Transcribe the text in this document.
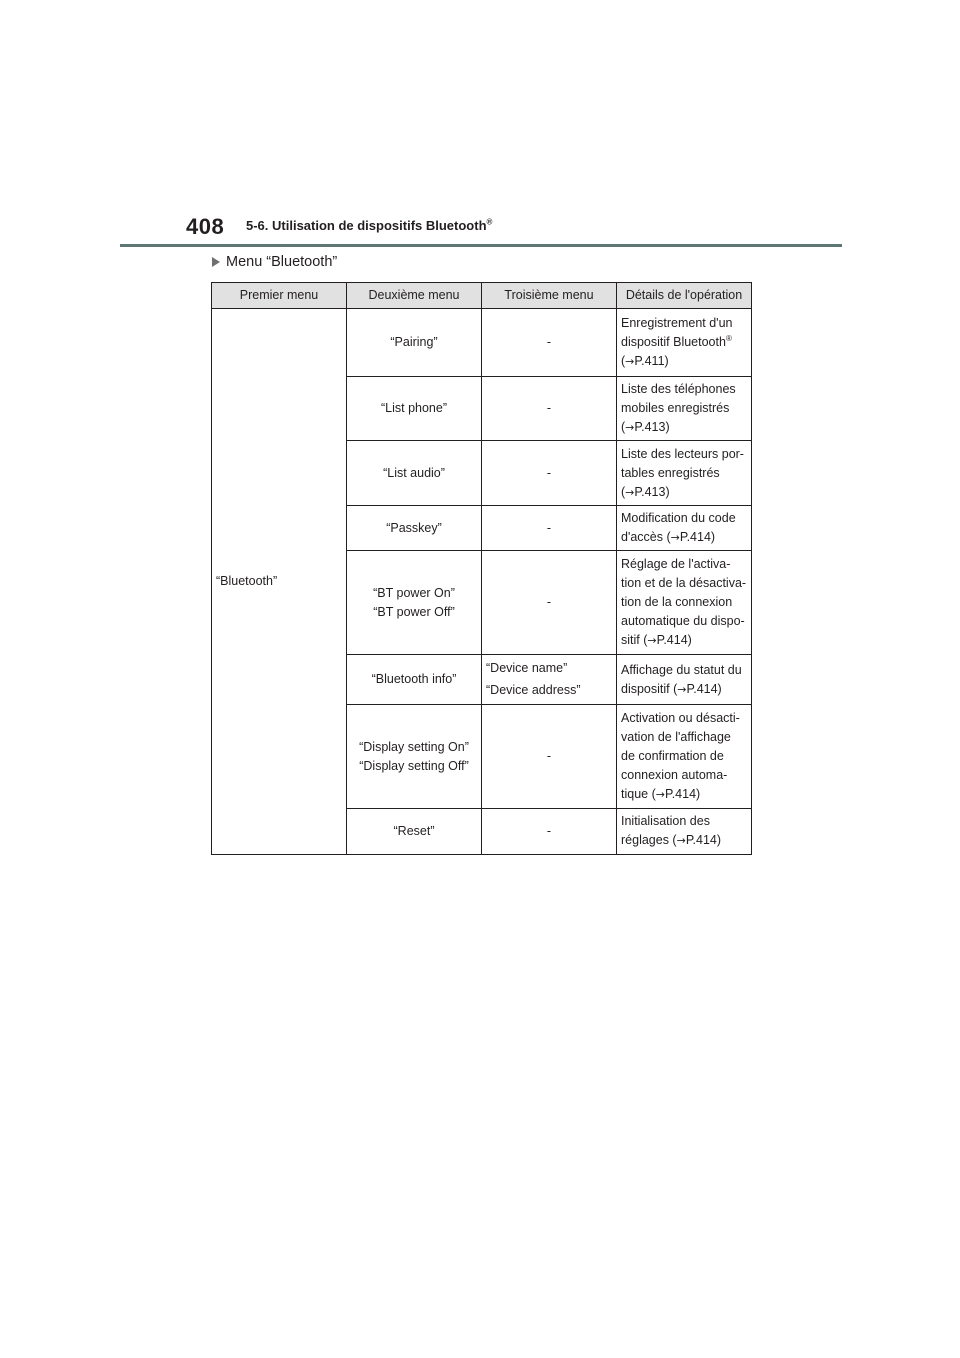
408 5-6. Utilisation de dispositifs Bluetooth®
Menu “Bluetooth”
Premier menu	Deuxième menu	Troisième menu	Détails de l'opération
“Bluetooth”	“Pairing”	-	Enregistrement d'un
dispositif Bluetooth®
(→P.411)

	“List phone”	-	Liste des téléphones
mobiles enregistrés
(→P.413)

	“List audio”	-	Liste des lecteurs por-
tables enregistrés
(→P.413)

	“Passkey”	-	Modification du code
d'accès (→P.414)

	“BT power On”
“BT power Off”	-	Réglage de l'activa-
tion et de la désactiva-
tion de la connexion
automatique du dispo-
sitif (→P.414)

	“Bluetooth info”	“Device name”
“Device address”	Affichage du statut du
dispositif (→P.414)

	“Display setting On”
“Display setting Off”	-	Activation ou désacti-
vation de l'affichage
de confirmation de
connexion automa-
tique (→P.414)

	“Reset”	-	Initialisation des
réglages (→P.414)
